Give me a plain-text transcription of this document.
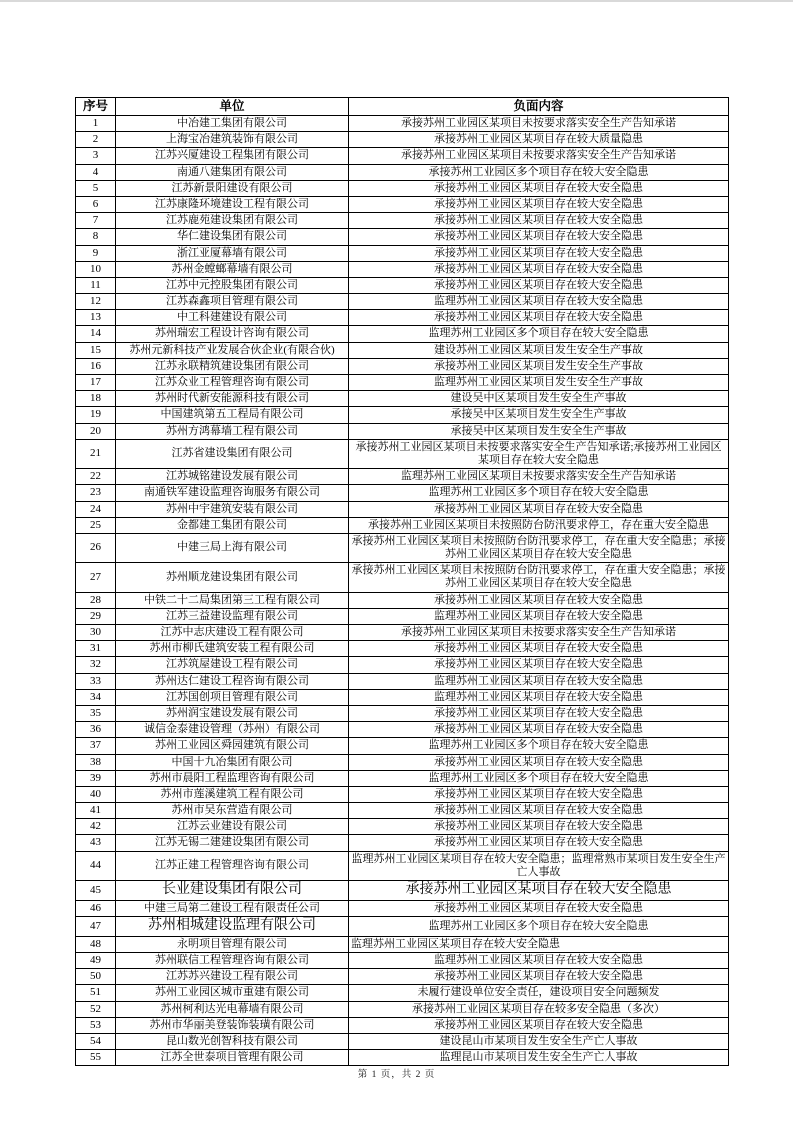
序号	单位	负面内容
1	中冶建工集团有限公司	承接苏州工业园区某项目未按要求落实安全生产告知承诺
2	上海宝冶建筑装饰有限公司	承接苏州工业园区某项目存在较大质量隐患
3	江苏兴厦建设工程集团有限公司	承接苏州工业园区某项目未按要求落实安全生产告知承诺
4	南通八建集团有限公司	承接苏州工业园区多个项目存在较大安全隐患
5	江苏新景阳建设有限公司	承接苏州工业园区某项目存在较大安全隐患
6	江苏康隆环境建设工程有限公司	承接苏州工业园区某项目存在较大安全隐患
7	江苏鹿苑建设集团有限公司	承接苏州工业园区某项目存在较大安全隐患
8	华仁建设集团有限公司	承接苏州工业园区某项目存在较大安全隐患
9	浙江亚厦幕墙有限公司	承接苏州工业园区某项目存在较大安全隐患
10	苏州金螳螂幕墙有限公司	承接苏州工业园区某项目存在较大安全隐患
11	江苏中元控股集团有限公司	承接苏州工业园区某项目存在较大安全隐患
12	江苏森鑫项目管理有限公司	监理苏州工业园区某项目存在较大安全隐患
13	中工科建建设有限公司	承接苏州工业园区某项目存在较大安全隐患
14	苏州瑞宏工程设计咨询有限公司	监理苏州工业园区多个项目存在较大安全隐患
15	苏州元新科技产业发展合伙企业(有限合伙)	建设苏州工业园区某项目发生安全生产事故
16	江苏永联精筑建设集团有限公司	承接苏州工业园区某项目发生安全生产事故
17	江苏众业工程管理咨询有限公司	监理苏州工业园区某项目发生安全生产事故
18	苏州时代新安能源科技有限公司	建设吴中区某项目发生安全生产事故
19	中国建筑第五工程局有限公司	承接吴中区某项目发生安全生产事故
20	苏州方鸿幕墙工程有限公司	承接吴中区某项目发生安全生产事故
21	江苏省建设集团有限公司	承接苏州工业园区某项目未按要求落实安全生产告知承诺;承接苏州工业园区某项目存在较大安全隐患
22	江苏城铭建设发展有限公司	监理苏州工业园区某项目未按要求落实安全生产告知承诺
23	南通铁军建设监理咨询服务有限公司	监理苏州工业园区多个项目存在较大安全隐患
24	苏州中宇建筑安装有限公司	承接苏州工业园区某项目存在较大安全隐患
25	金都建工集团有限公司	承接苏州工业园区某项目未按照防台防汛要求停工，存在重大安全隐患
26	中建三局上海有限公司	承接苏州工业园区某项目未按照防台防汛要求停工，存在重大安全隐患；承接苏州工业园区某项目存在较大安全隐患
27	苏州顺龙建设集团有限公司	承接苏州工业园区某项目未按照防台防汛要求停工，存在重大安全隐患；承接苏州工业园区某项目存在较大安全隐患
28	中铁二十二局集团第三工程有限公司	承接苏州工业园区某项目存在较大安全隐患
29	江苏三益建设监理有限公司	监理苏州工业园区某项目存在较大安全隐患
30	江苏中志庆建设工程有限公司	承接苏州工业园区某项目未按要求落实安全生产告知承诺
31	苏州市柳氏建筑安装工程有限公司	承接苏州工业园区某项目存在较大安全隐患
32	江苏筑屋建设工程有限公司	承接苏州工业园区某项目存在较大安全隐患
33	苏州达仁建设工程咨询有限公司	监理苏州工业园区某项目存在较大安全隐患
34	江苏国创项目管理有限公司	监理苏州工业园区某项目存在较大安全隐患
35	苏州润宝建设发展有限公司	承接苏州工业园区某项目存在较大安全隐患
36	诚信金泰建设管理（苏州）有限公司	承接苏州工业园区某项目存在较大安全隐患
37	苏州工业园区舜园建筑有限公司	监理苏州工业园区多个项目存在较大安全隐患
38	中国十九冶集团有限公司	承接苏州工业园区某项目存在较大安全隐患
39	苏州市晨阳工程监理咨询有限公司	监理苏州工业园区多个项目存在较大安全隐患
40	苏州市莲溪建筑工程有限公司	承接苏州工业园区某项目存在较大安全隐患
41	苏州市吴东营造有限公司	承接苏州工业园区某项目存在较大安全隐患
42	江苏云业建设有限公司	承接苏州工业园区某项目存在较大安全隐患
43	江苏无锡二建建设集团有限公司	承接苏州工业园区某项目存在较大安全隐患
44	江苏正建工程管理咨询有限公司	监理苏州工业园区某项目存在较大安全隐患；监理常熟市某项目发生安全生产亡人事故
45	长业建设集团有限公司	承接苏州工业园区某项目存在较大安全隐患
46	中建三局第二建设工程有限责任公司	承接苏州工业园区某项目存在较大安全隐患
47	苏州相城建设监理有限公司	监理苏州工业园区多个项目存在较大安全隐患
48	永明项目管理有限公司	监理苏州工业园区某项目存在较大安全隐患
49	苏州联信工程管理咨询有限公司	监理苏州工业园区某项目存在较大安全隐患
50	江苏苏兴建设工程有限公司	承接苏州工业园区某项目存在较大安全隐患
51	苏州工业园区城市重建有限公司	未履行建设单位安全责任，建设项目安全问题频发
52	苏州柯利达光电幕墙有限公司	承接苏州工业园区某项目存在较多安全隐患（多次）
53	苏州市华丽美登装饰装璜有限公司	承接苏州工业园区某项目存在较大安全隐患
54	昆山数光创智科技有限公司	建设昆山市某项目发生安全生产亡人事故
55	江苏全世泰项目管理有限公司	监理昆山市某项目发生安全生产亡人事故
第 1 页，共 2 页
